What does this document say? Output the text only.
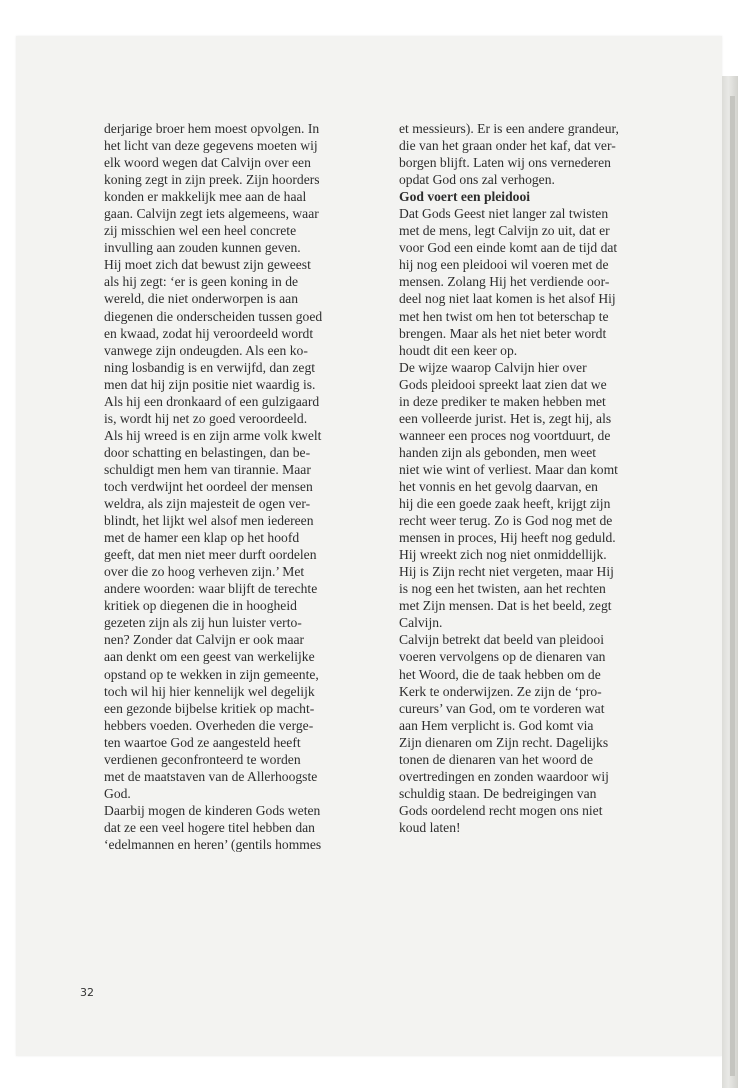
derjarige broer hem moest opvolgen. In
het licht van deze gegevens moeten wij
elk woord wegen dat Calvijn over een
koning zegt in zijn preek. Zijn hoorders
konden er makkelijk mee aan de haal
gaan. Calvijn zegt iets algemeens, waar
zij misschien wel een heel concrete
invulling aan zouden kunnen geven.
Hij moet zich dat bewust zijn geweest
als hij zegt: ‘er is geen koning in de
wereld, die niet onderworpen is aan
diegenen die onderscheiden tussen goed
en kwaad, zodat hij veroordeeld wordt
vanwege zijn ondeugden. Als een ko-
ning losbandig is en verwijfd, dan zegt
men dat hij zijn positie niet waardig is.
Als hij een dronkaard of een gulzigaard
is, wordt hij net zo goed veroordeeld.
Als hij wreed is en zijn arme volk kwelt
door schatting en belastingen, dan be-
schuldigt men hem van tirannie. Maar
toch verdwijnt het oordeel der mensen
weldra, als zijn majesteit de ogen ver-
blindt, het lijkt wel alsof men iedereen
met de hamer een klap op het hoofd
geeft, dat men niet meer durft oordelen
over die zo hoog verheven zijn.’ Met
andere woorden: waar blijft de terechte
kritiek op diegenen die in hoogheid
gezeten zijn als zij hun luister verto-
nen? Zonder dat Calvijn er ook maar
aan denkt om een geest van werkelijke
opstand op te wekken in zijn gemeente,
toch wil hij hier kennelijk wel degelijk
een gezonde bijbelse kritiek op macht-
hebbers voeden. Overheden die verge-
ten waartoe God ze aangesteld heeft
verdienen geconfronteerd te worden
met de maatstaven van de Allerhoogste
God.

Daarbij mogen de kinderen Gods weten
dat ze een veel hogere titel hebben dan
‘edelmannen en heren’ (gentils hommes

et messieurs). Er is een andere grandeur,
die van het graan onder het kaf, dat ver-
borgen blijft. Laten wij ons vernederen
opdat God ons zal verhogen.

God voert een pleidooi

Dat Gods Geest niet langer zal twisten
met de mens, legt Calvijn zo uit, dat er
voor God een einde komt aan de tijd dat
hij nog een pleidooi wil voeren met de
mensen. Zolang Hij het verdiende oor-
deel nog niet laat komen is het alsof Hij
met hen twist om hen tot beterschap te
brengen. Maar als het niet beter wordt
houdt dit een keer op.

De wijze waarop Calvijn hier over
Gods pleidooi spreekt laat zien dat we
in deze prediker te maken hebben met
een volleerde jurist. Het is, zegt hij, als
wanneer een proces nog voortduurt, de
handen zijn als gebonden, men weet
niet wie wint of verliest. Maar dan komt
het vonnis en het gevolg daarvan, en
hij die een goede zaak heeft, krijgt zijn
recht weer terug. Zo is God nog met de
mensen in proces, Hij heeft nog geduld.
Hij wreekt zich nog niet onmiddellijk.
Hij is Zijn recht niet vergeten, maar Hij
is nog een het twisten, aan het rechten
met Zijn mensen. Dat is het beeld, zegt
Calvijn.

Calvijn betrekt dat beeld van pleidooi
voeren vervolgens op de dienaren van
het Woord, die de taak hebben om de
Kerk te onderwijzen. Ze zijn de ‘pro-
cureurs’ van God, om te vorderen wat
aan Hem verplicht is. God komt via
Zijn dienaren om Zijn recht. Dagelijks
tonen de dienaren van het woord de
overtredingen en zonden waardoor wij
schuldig staan. De bedreigingen van
Gods oordelend recht mogen ons niet
koud laten!

32
